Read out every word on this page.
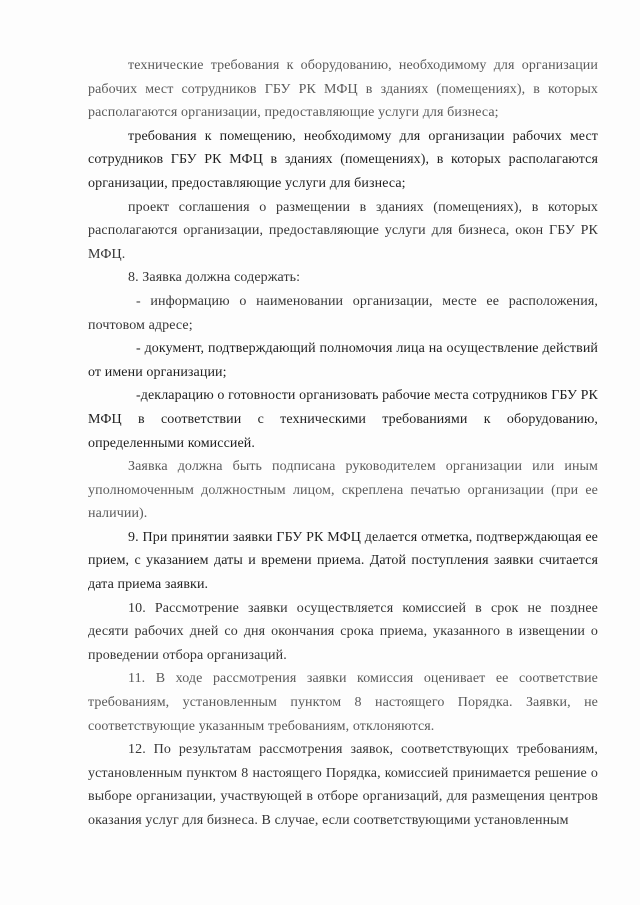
технические требования к оборудованию, необходимому для организации рабочих мест сотрудников ГБУ РК МФЦ в зданиях (помещениях), в которых располагаются организации, предоставляющие услуги для бизнеса;

требования к помещению, необходимому для организации рабочих мест сотрудников ГБУ РК МФЦ в зданиях (помещениях), в которых располагаются организации, предоставляющие услуги для бизнеса;

проект соглашения о размещении в зданиях (помещениях), в которых располагаются организации, предоставляющие услуги для бизнеса, окон ГБУ РК МФЦ.

8. Заявка должна содержать:

- информацию о наименовании организации, месте ее расположения, почтовом адресе;

- документ, подтверждающий полномочия лица на осуществление действий от имени организации;

-декларацию о готовности организовать рабочие места сотрудников ГБУ РК МФЦ в соответствии с техническими требованиями к оборудованию, определенными комиссией.

Заявка должна быть подписана руководителем организации или иным уполномоченным должностным лицом, скреплена печатью организации (при ее наличии).

9. При принятии заявки ГБУ РК МФЦ делается отметка, подтверждающая ее прием, с указанием даты и времени приема. Датой поступления заявки считается дата приема заявки.

10. Рассмотрение заявки осуществляется комиссией в срок не позднее десяти рабочих дней со дня окончания срока приема, указанного в извещении о проведении отбора организаций.

11. В ходе рассмотрения заявки комиссия оценивает ее соответствие требованиям, установленным пунктом 8 настоящего Порядка. Заявки, не соответствующие указанным требованиям, отклоняются.

12. По результатам рассмотрения заявок, соответствующих требованиям, установленным пунктом 8 настоящего Порядка, комиссией принимается решение о выборе организации, участвующей в отборе организаций, для размещения центров оказания услуг для бизнеса. В случае, если соответствующими установленным
